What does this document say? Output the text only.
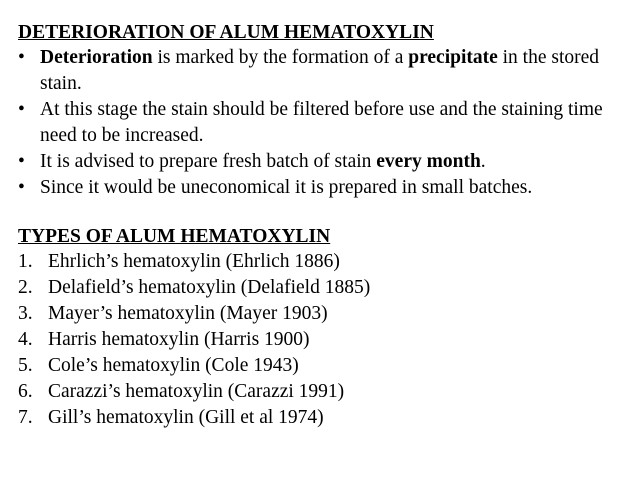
DETERIORATION OF ALUM HEMATOXYLIN
• Deterioration is marked by the formation of a precipitate in the stored stain.
• At this stage the stain should be filtered before use and the staining time need to be increased.
• It is advised to prepare fresh batch of stain every month.
• Since it would be uneconomical it is prepared in small batches.
TYPES OF ALUM HEMATOXYLIN
1. Ehrlich’s hematoxylin (Ehrlich 1886)
2. Delafield’s hematoxylin (Delafield 1885)
3. Mayer’s hematoxylin (Mayer 1903)
4. Harris hematoxylin (Harris 1900)
5. Cole’s hematoxylin (Cole 1943)
6. Carazzi’s hematoxylin (Carazzi 1991)
7. Gill’s hematoxylin (Gill et al 1974)
